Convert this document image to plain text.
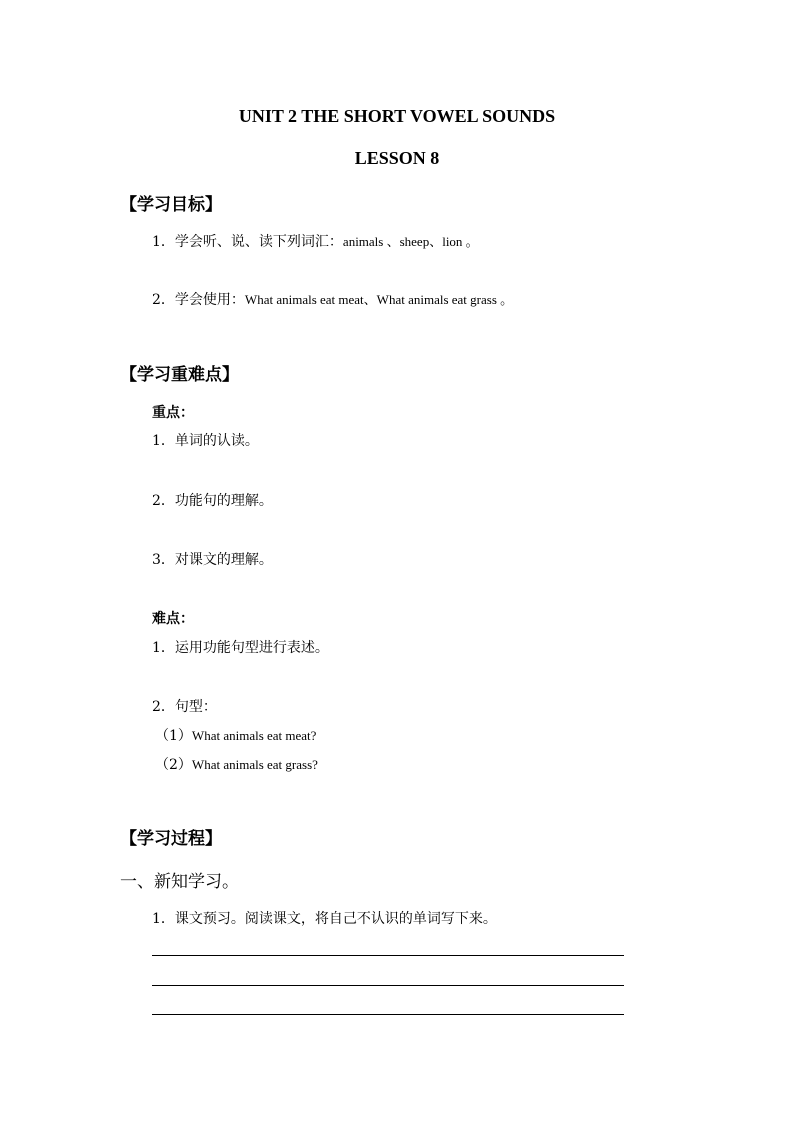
UNIT 2 THE SHORT VOWEL SOUNDS
LESSON 8
【学习目标】
1．学会听、说、读下列词汇：animals 、sheep、lion 。
2．学会使用：What animals eat meat、What animals eat grass 。
【学习重难点】
重点：
1．单词的认读。
2．功能句的理解。
3．对课文的理解。
难点：
1．运用功能句型进行表述。
2．句型：
（1）What animals eat meat?
（2）What animals eat grass?
【学习过程】
一、新知学习。
1．课文预习。阅读课文，将自己不认识的单词写下来。
